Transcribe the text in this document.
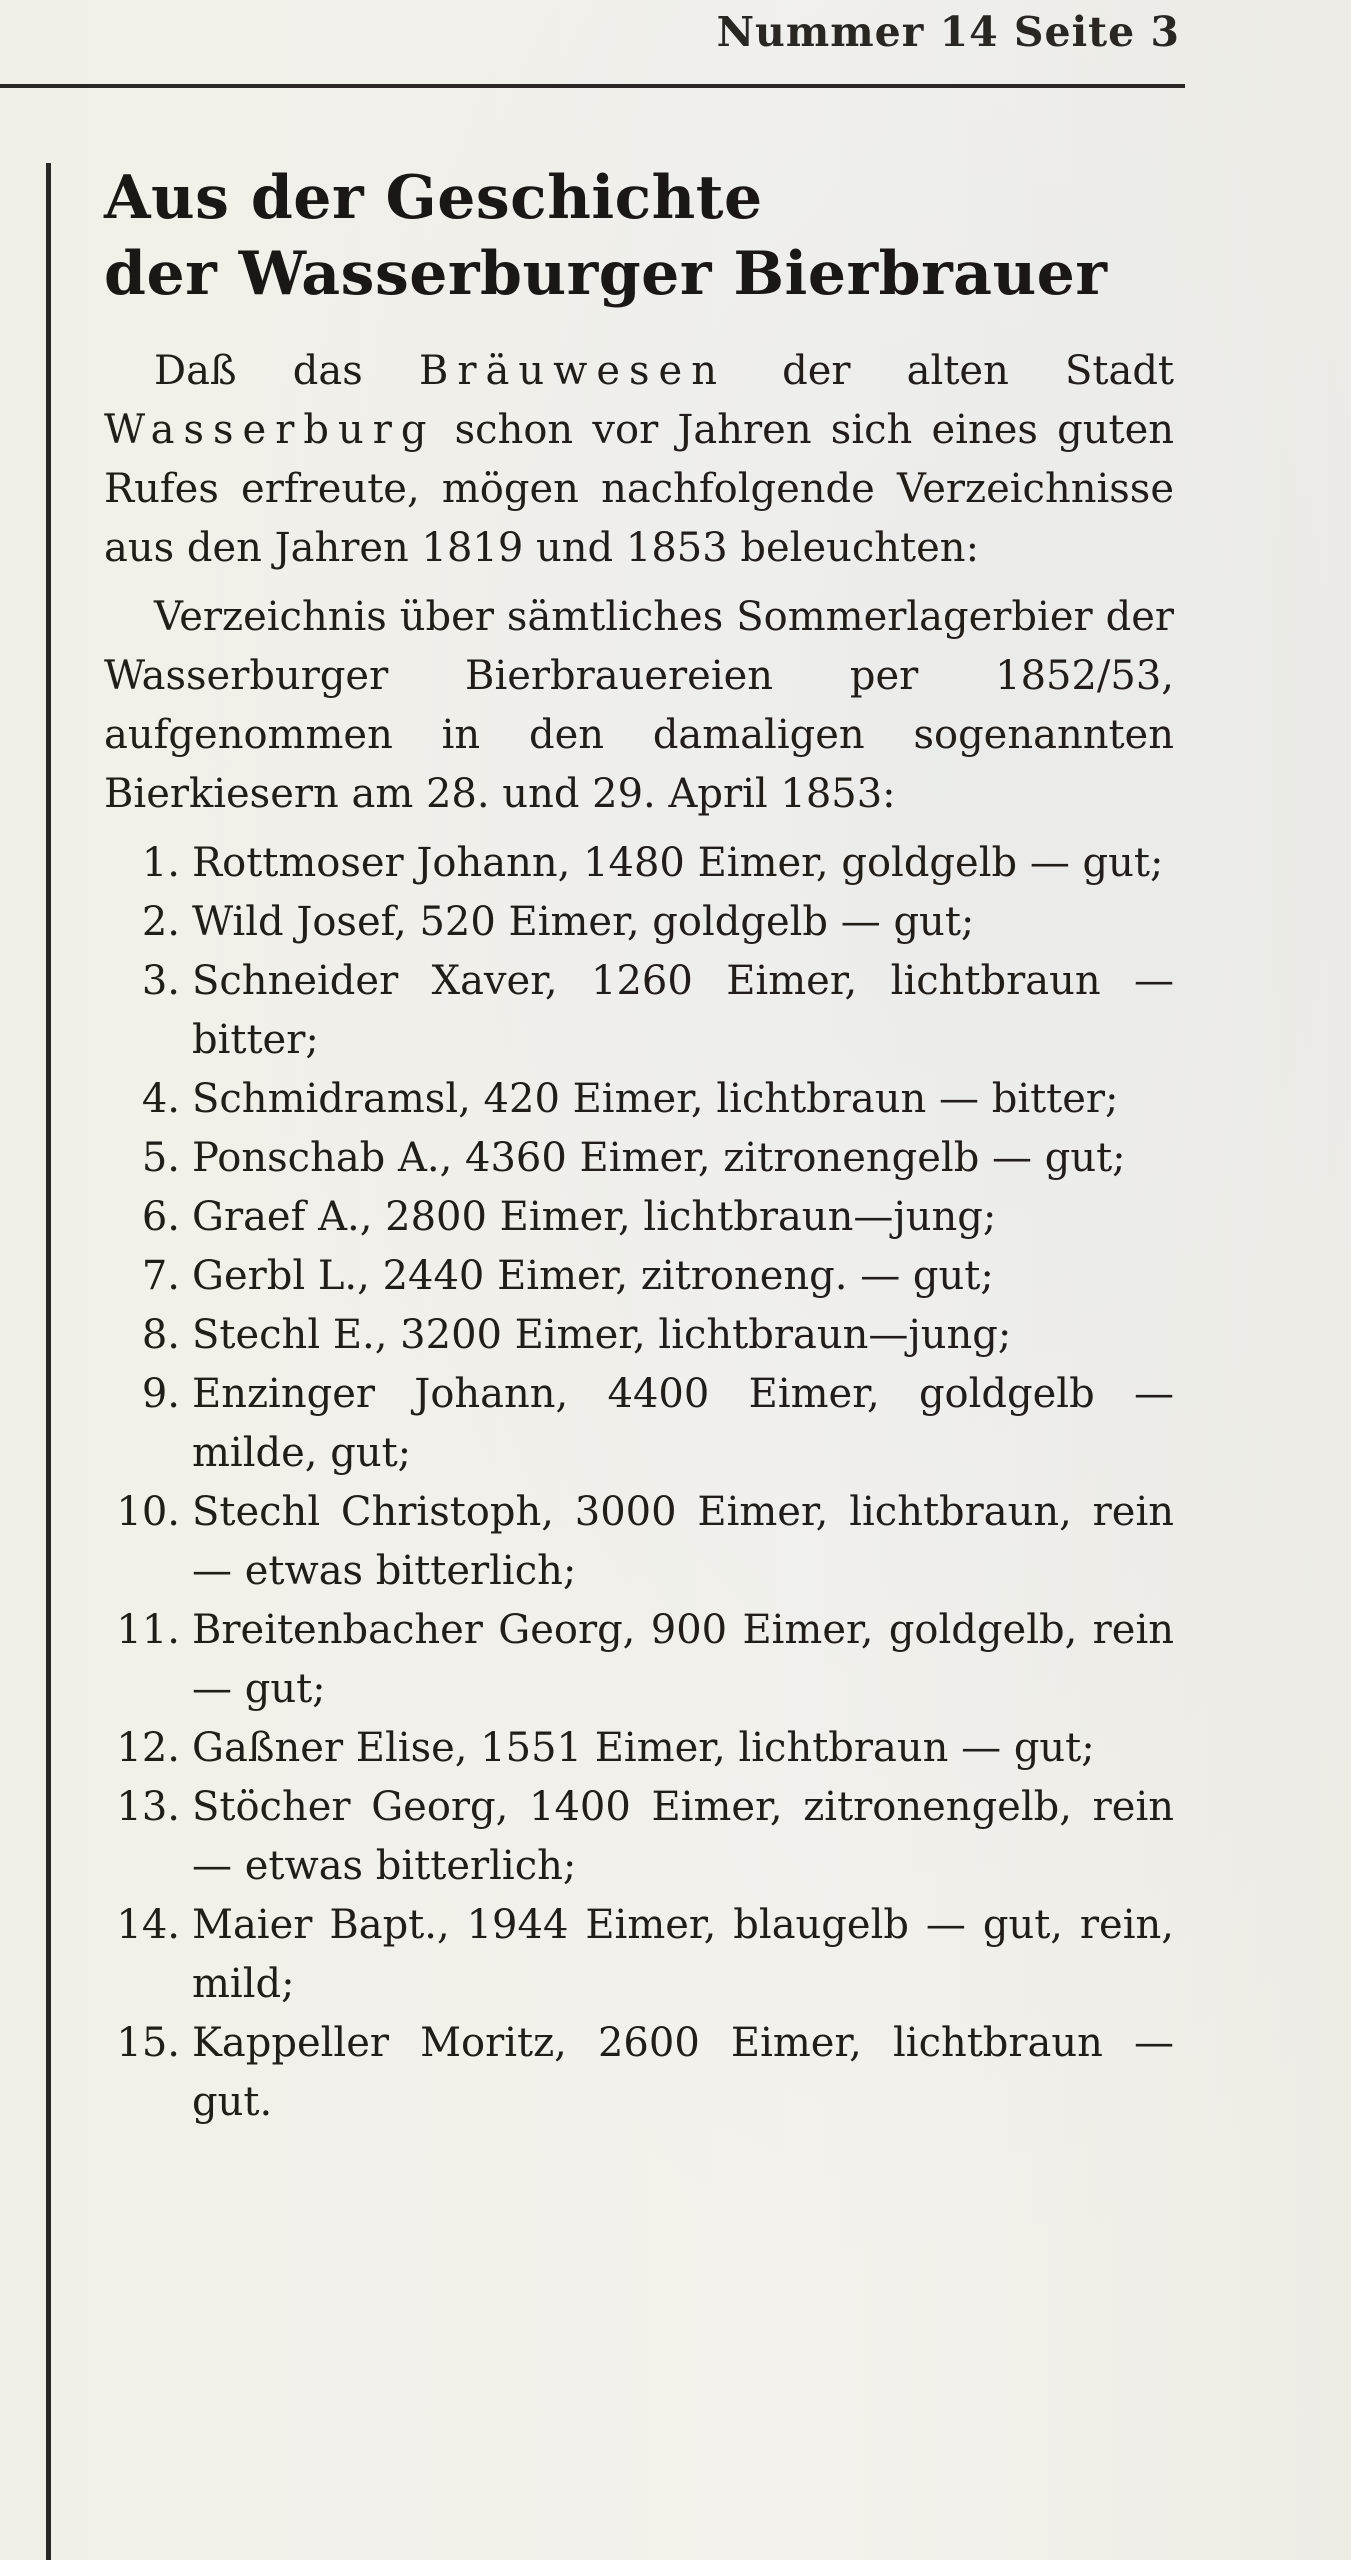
Nummer 14 Seite 3
Aus der Geschichte
der Wasserburger Bierbrauer

Daß das Bräuwesen der alten Stadt Wasserburg schon vor Jahren sich eines guten Rufes erfreute, mögen nachfolgende Verzeichnisse aus den Jahren 1819 und 1853 beleuchten:

Verzeichnis über sämtliches Sommerlagerbier der Wasserburger Bierbrauereien per 1852/53, aufgenommen in den damaligen sogenannten Bierkiesern am 28. und 29. April 1853:

1. Rottmoser Johann, 1480 Eimer, goldgelb — gut;
2. Wild Josef, 520 Eimer, goldgelb — gut;
3. Schneider Xaver, 1260 Eimer, lichtbraun — bitter;
4. Schmidramsl, 420 Eimer, lichtbraun — bitter;
5. Ponschab A., 4360 Eimer, zitronengelb — gut;
6. Graef A., 2800 Eimer, lichtbraun—jung;
7. Gerbl L., 2440 Eimer, zitroneng. — gut;
8. Stechl E., 3200 Eimer, lichtbraun—jung;
9. Enzinger Johann, 4400 Eimer, goldgelb — milde, gut;
10. Stechl Christoph, 3000 Eimer, lichtbraun, rein — etwas bitterlich;
11. Breitenbacher Georg, 900 Eimer, goldgelb, rein — gut;
12. Gaßner Elise, 1551 Eimer, lichtbraun — gut;
13. Stöcher Georg, 1400 Eimer, zitronengelb, rein — etwas bitterlich;
14. Maier Bapt., 1944 Eimer, blaugelb — gut, rein, mild;
15. Kappeller Moritz, 2600 Eimer, lichtbraun — gut.
